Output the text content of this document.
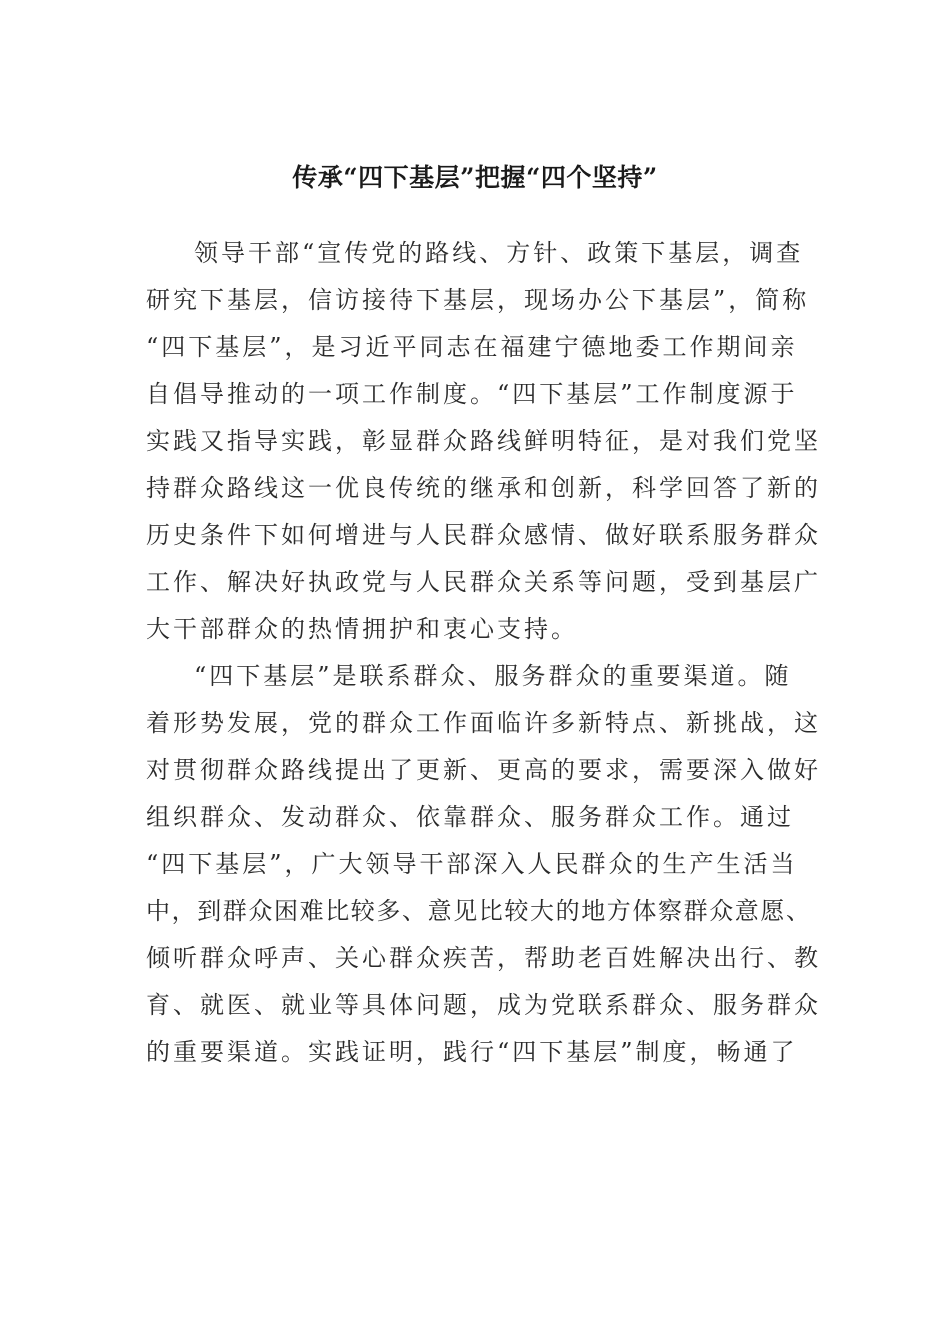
传承“四下基层”把握“四个坚持”
领导干部“宣传党的路线、方针、政策下基层，调查
研究下基层，信访接待下基层，现场办公下基层”，简称
“四下基层”，是习近平同志在福建宁德地委工作期间亲
自倡导推动的一项工作制度。“四下基层”工作制度源于
实践又指导实践，彰显群众路线鲜明特征，是对我们党坚
持群众路线这一优良传统的继承和创新，科学回答了新的
历史条件下如何增进与人民群众感情、做好联系服务群众
工作、解决好执政党与人民群众关系等问题，受到基层广
大干部群众的热情拥护和衷心支持。
“四下基层”是联系群众、服务群众的重要渠道。随
着形势发展，党的群众工作面临许多新特点、新挑战，这
对贯彻群众路线提出了更新、更高的要求，需要深入做好
组织群众、发动群众、依靠群众、服务群众工作。通过
“四下基层”，广大领导干部深入人民群众的生产生活当
中，到群众困难比较多、意见比较大的地方体察群众意愿、
倾听群众呼声、关心群众疾苦，帮助老百姓解决出行、教
育、就医、就业等具体问题，成为党联系群众、服务群众
的重要渠道。实践证明，践行“四下基层”制度，畅通了
